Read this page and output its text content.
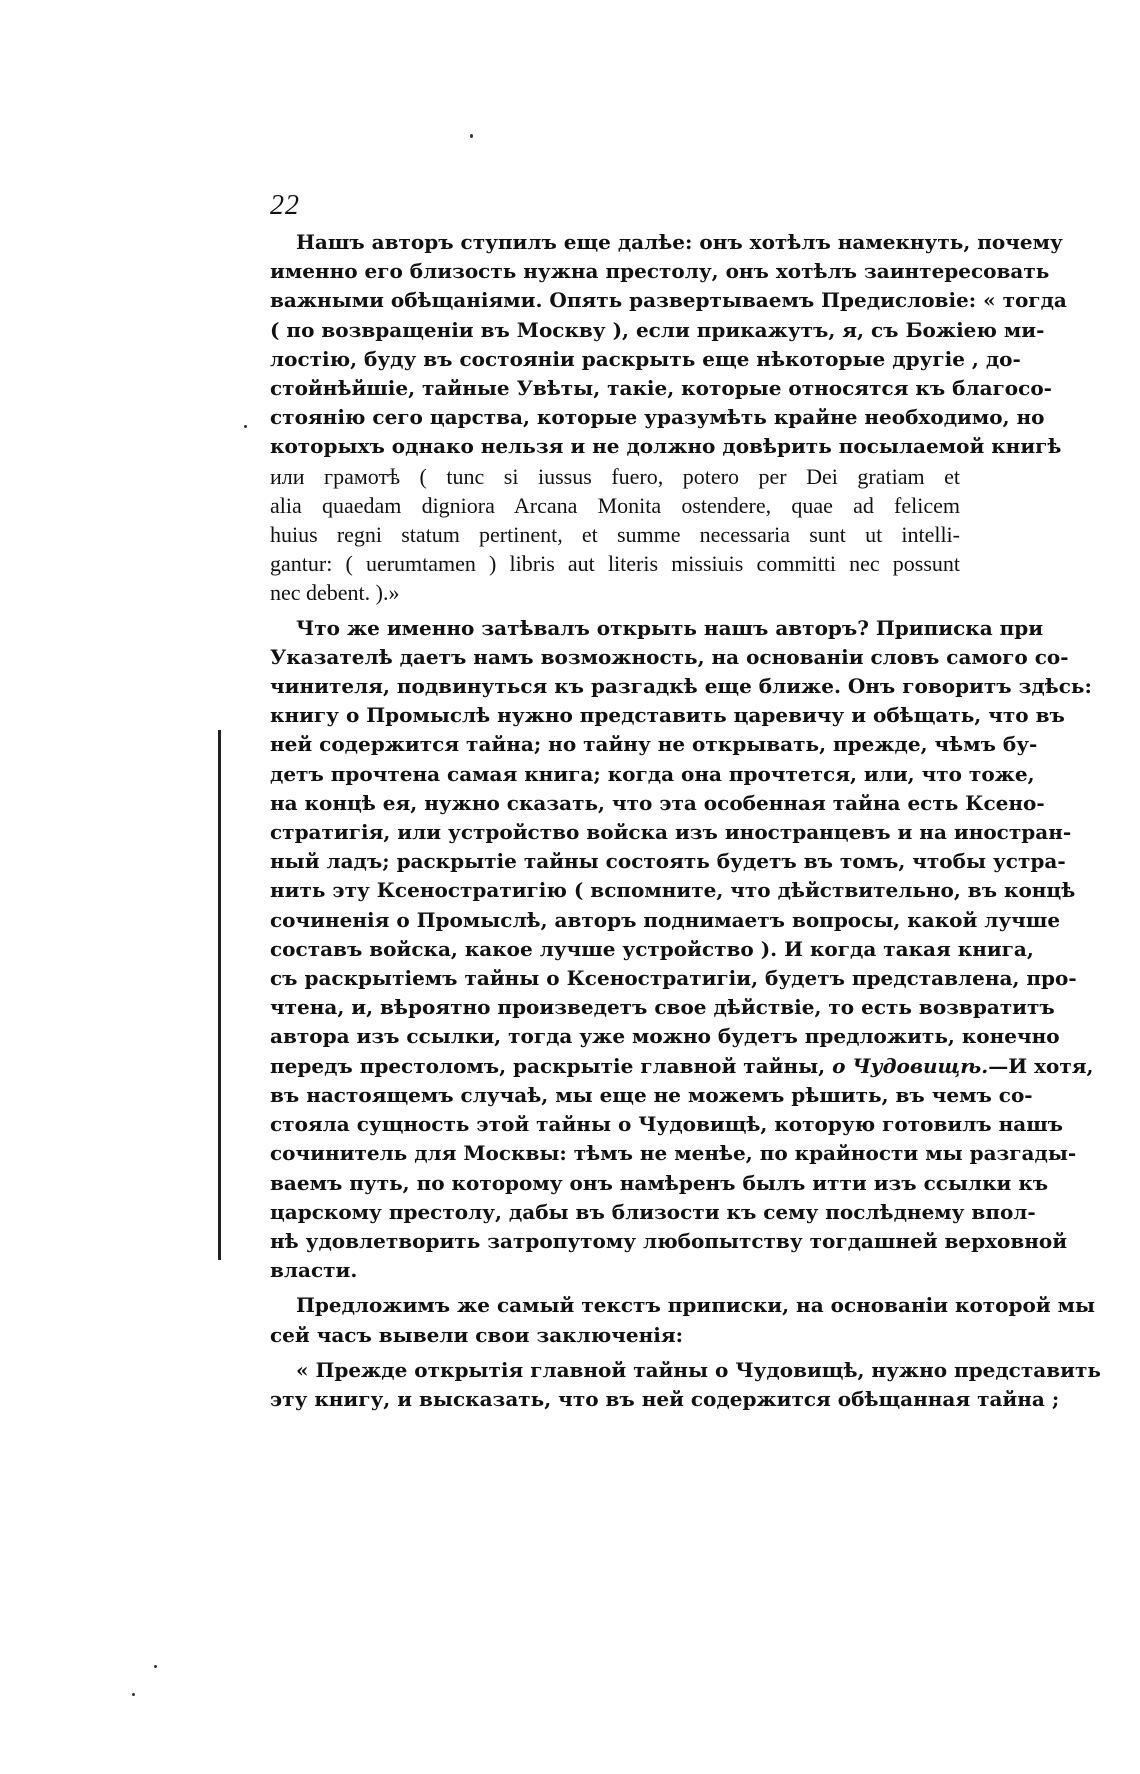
22
Нашъ авторъ ступилъ еще далѣе: онъ хотѣлъ намекнуть, почему
именно его близость нужна престолу, онъ хотѣлъ заинтересовать
важными обѣщаніями. Опять развертываемъ Предисловіе: « тогда
( по возвращеніи въ Москву ), если прикажутъ, я, съ Божіею ми-
лостію, буду въ состояніи раскрыть еще нѣкоторые другіе , до-
стойнѣйшіе, тайные Увѣты, такіе, которые относятся къ благосо-
стоянію сего царства, которые уразумѣть крайне необходимо, но
которыхъ однако нельзя и не должно довѣрить посылаемой книгѣ
или грамотѣ ( tunc si iussus fuero, potero per Dei gratiam et
alia quaedam digniora Arcana Monita ostendere, quae ad felicem
huius regni statum pertinent, et summe necessaria sunt ut intelli-
gantur: ( uerumtamen ) libris aut literis missiuis committi nec possunt
nec debent. ).»
Что же именно затѣвалъ открыть нашъ авторъ? Приписка при
Указателѣ даетъ намъ возможность, на основаніи словъ самого со-
чинителя, подвинуться къ разгадкѣ еще ближе. Онъ говоритъ здѣсь:
книгу о Промыслѣ нужно представить царевичу и обѣщать, что въ
ней содержится тайна; но тайну не открывать, прежде, чѣмъ бу-
детъ прочтена самая книга; когда она прочтется, или, что тоже,
на концѣ ея, нужно сказать, что эта особенная тайна есть Ксено-
стратигія, или устройство войска изъ иностранцевъ и на иностран-
ный ладъ; раскрытіе тайны состоять будетъ въ томъ, чтобы устра-
нить эту Ксеностратигію ( вспомните, что дѣйствительно, въ концѣ
сочиненія о Промыслѣ, авторъ поднимаетъ вопросы, какой лучше
составъ войска, какое лучше устройство ). И когда такая книга,
съ раскрытіемъ тайны о Ксеностратигіи, будетъ представлена, про-
чтена, и, вѣроятно произведетъ свое дѣйствіе, то есть возвратитъ
автора изъ ссылки, тогда уже можно будетъ предложить, конечно
передъ престоломъ, раскрытіе главной тайны, о Чудовищѣ.—И хотя,
въ настоящемъ случаѣ, мы еще не можемъ рѣшить, въ чемъ со-
стояла сущность этой тайны о Чудовищѣ, которую готовилъ нашъ
сочинитель для Москвы: тѣмъ не менѣе, по крайности мы разгады-
ваемъ путь, по которому онъ намѣренъ былъ итти изъ ссылки къ
царскому престолу, дабы въ близости къ сему послѣднему впол-
нѣ удовлетворить затропутому любопытству тогдашней верховной
власти.
Предложимъ же самый текстъ приписки, на основаніи которой мы
сей часъ вывели свои заключенія:
« Прежде открытія главной тайны о Чудовищѣ, нужно представить
эту книгу, и высказать, что въ ней содержится обѣщанная тайна ;
